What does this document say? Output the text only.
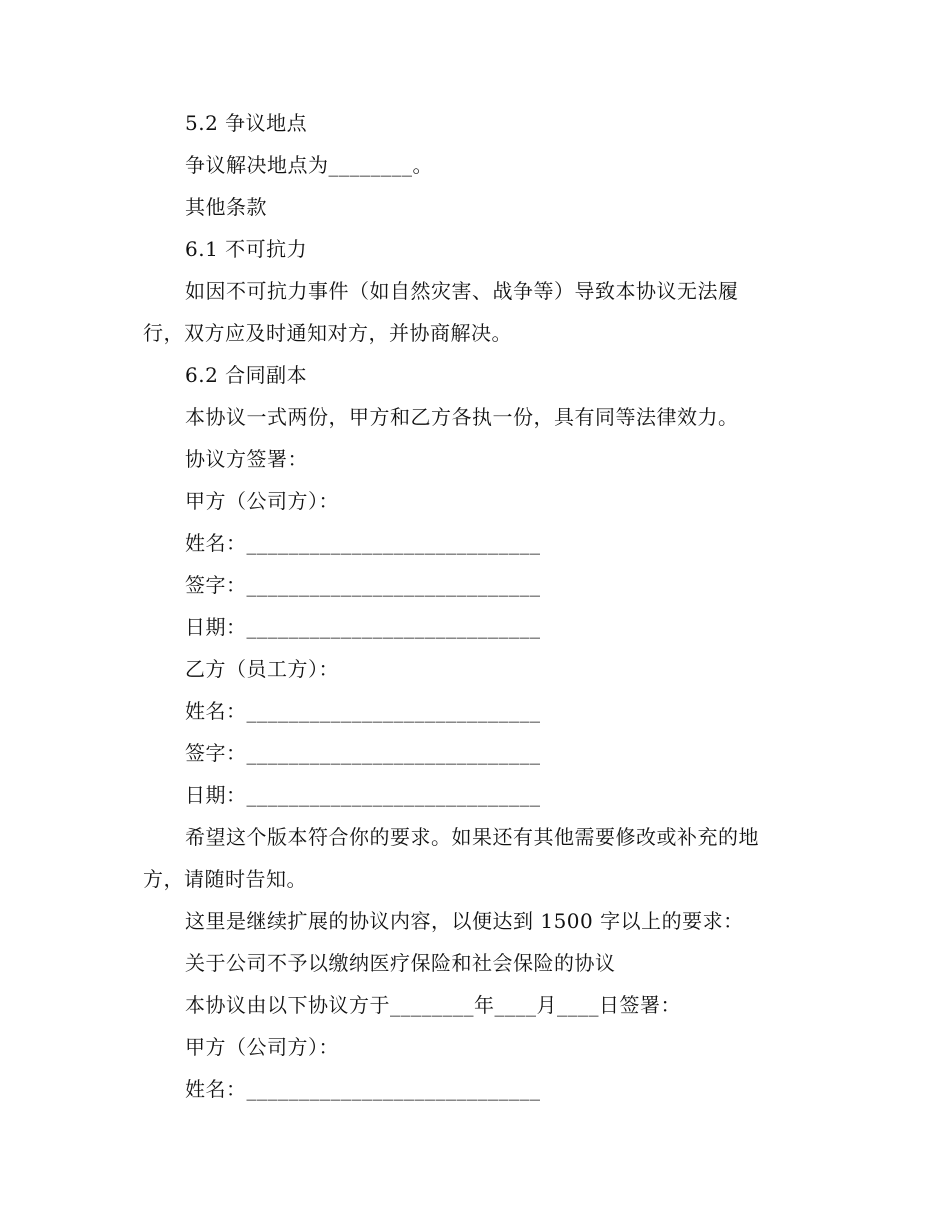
5.2 争议地点
争议解决地点为________。
其他条款
6.1 不可抗力
如因不可抗力事件（如自然灾害、战争等）导致本协议无法履
行，双方应及时通知对方，并协商解决。
6.2 合同副本
本协议一式两份，甲方和乙方各执一份，具有同等法律效力。
协议方签署：
甲方（公司方）：
姓名：____________________________
签字：____________________________
日期：____________________________
乙方（员工方）：
姓名：____________________________
签字：____________________________
日期：____________________________
希望这个版本符合你的要求。如果还有其他需要修改或补充的地
方，请随时告知。
这里是继续扩展的协议内容，以便达到 1500 字以上的要求：
关于公司不予以缴纳医疗保险和社会保险的协议
本协议由以下协议方于________年____月____日签署：
甲方（公司方）：
姓名：____________________________
